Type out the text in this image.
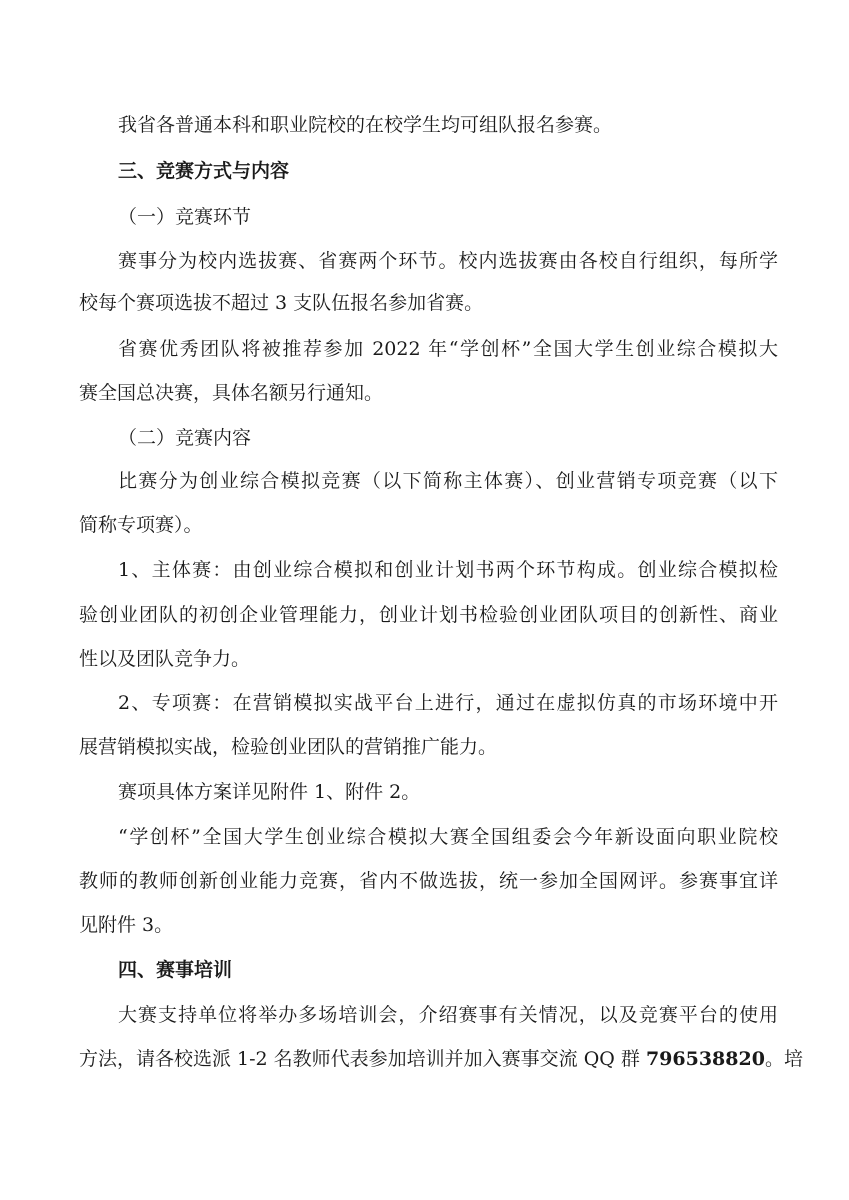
我省各普通本科和职业院校的在校学生均可组队报名参赛。
三、竞赛方式与内容
（一）竞赛环节
赛事分为校内选拔赛、省赛两个环节。校内选拔赛由各校自行组织，每所学
校每个赛项选拔不超过 3 支队伍报名参加省赛。
省赛优秀团队将被推荐参加 2022 年“学创杯”全国大学生创业综合模拟大
赛全国总决赛，具体名额另行通知。
（二）竞赛内容
比赛分为创业综合模拟竞赛（以下简称主体赛）、创业营销专项竞赛（以下
简称专项赛）。
1、主体赛：由创业综合模拟和创业计划书两个环节构成。创业综合模拟检
验创业团队的初创企业管理能力，创业计划书检验创业团队项目的创新性、商业
性以及团队竞争力。
2、专项赛：在营销模拟实战平台上进行，通过在虚拟仿真的市场环境中开
展营销模拟实战，检验创业团队的营销推广能力。
赛项具体方案详见附件 1、附件 2。
“学创杯”全国大学生创业综合模拟大赛全国组委会今年新设面向职业院校
教师的教师创新创业能力竞赛，省内不做选拔，统一参加全国网评。参赛事宜详
见附件 3。
四、赛事培训
大赛支持单位将举办多场培训会，介绍赛事有关情况，以及竞赛平台的使用
方法，请各校选派 1-2 名教师代表参加培训并加入赛事交流 QQ 群 796538820。培
